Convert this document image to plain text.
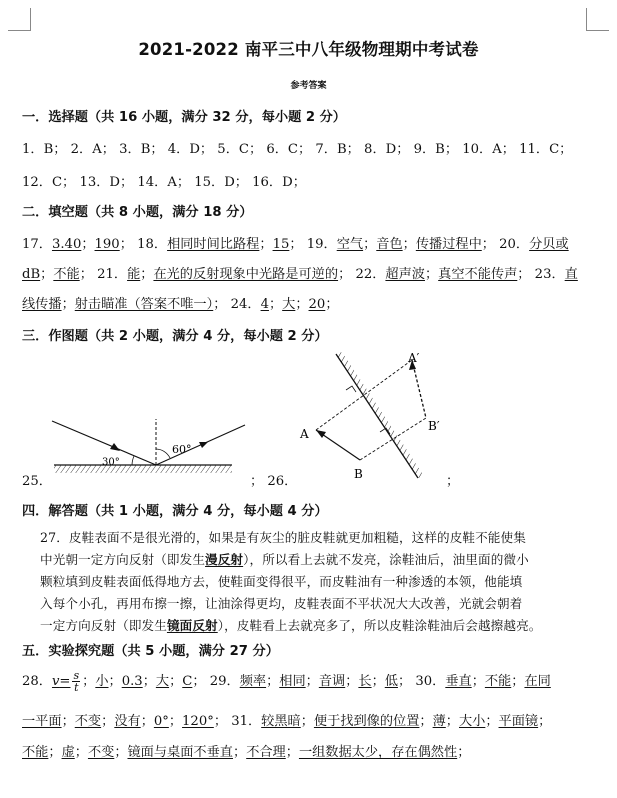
2021-2022 南平三中八年级物理期中考试卷
参考答案
一．选择题（共 16 小题，满分 32 分，每小题 2 分）
1．B； 2．A； 3．B； 4．D； 5．C； 6．C； 7．B； 8．D； 9．B； 10．A； 11．C；
12．C； 13．D； 14．A； 15．D； 16．D；
二．填空题（共 8 小题，满分 18 分）
17．3.40；190； 18．相同时间比路程；15； 19．空气；音色；传播过程中； 20．分贝或
dB；不能； 21．能；在光的反射现象中光路是可逆的； 22．超声波；真空不能传声； 23．直
线传播；射击瞄准（答案不唯一）； 24．4；大；20；
三．作图题（共 2 小题，满分 4 分，每小题 2 分）
25．
30°
60°
； 26．
A
B
A′
B′
；
四．解答题（共 1 小题，满分 4 分，每小题 4 分）
27．皮鞋表面不是很光滑的，如果是有灰尘的脏皮鞋就更加粗糙，这样的皮鞋不能使集
中光朝一定方向反射（即发生漫反射），所以看上去就不发亮，涂鞋油后，油里面的微小
颗粒填到皮鞋表面低得地方去，使鞋面变得很平，而皮鞋油有一种渗透的本领，他能填
入每个小孔，再用布擦一擦，让油涂得更均，皮鞋表面不平状况大大改善，光就会朝着
一定方向反射（即发生镜面反射），皮鞋看上去就亮多了，所以皮鞋涂鞋油后会越擦越亮。
五．实验探究题（共 5 小题，满分 27 分）
28．$v= \frac{s}{t}$ ；小；0.3；大；C； 29．频率；相同；音调；长；低； 30．垂直；不能；在同
一平面；不变；没有；0°；120°； 31．较黑暗；便于找到像的位置；薄；大小；平面镜；
不能；虚；不变；镜面与桌面不垂直；不合理；一组数据太少，存在偶然性；
